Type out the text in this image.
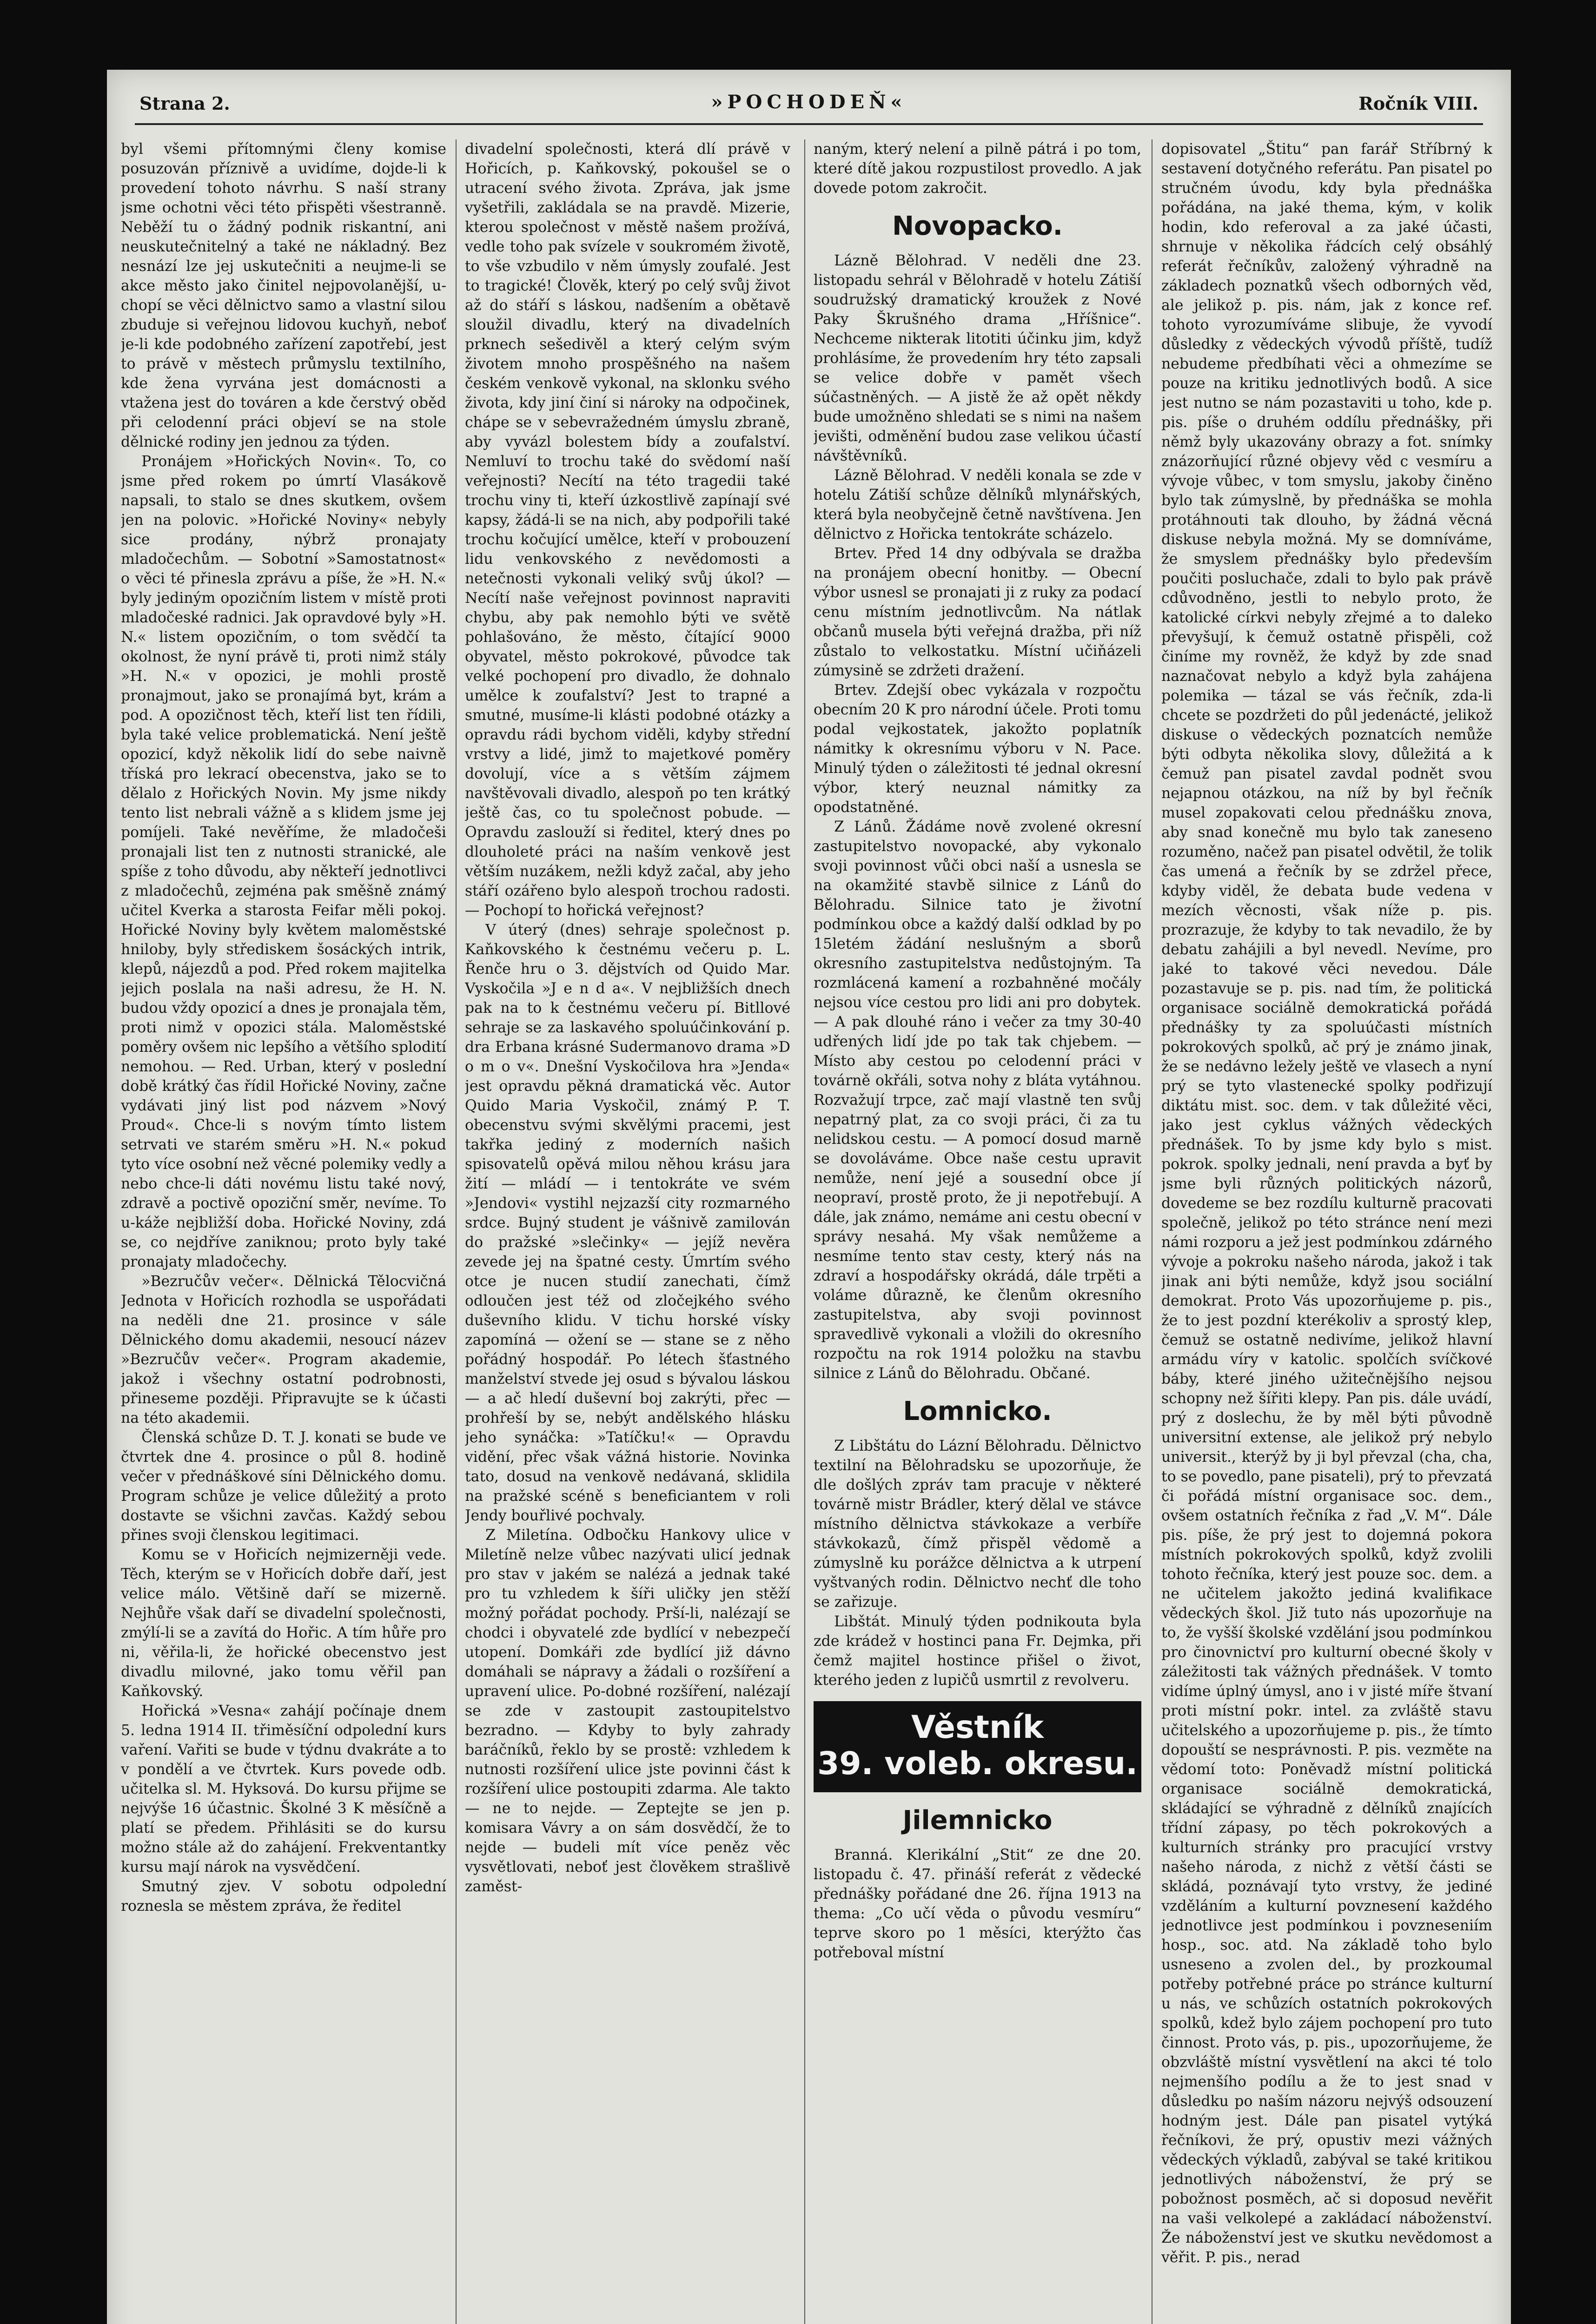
Strana 2.	»POCHODEŇ«	Ročník VIII.

byl všemi přítomnými členy komise posuzován příznivě a uvidíme, dojde-li k provedení tohoto návrhu. S naší strany jsme ochotni věci této přispěti všestranně. Neběží tu o žádný podnik riskantní, ani neuskutečnitelný a také ne nákladný. Bez nesnází lze jej uskutečniti a neujme-li se akce město jako činitel nejpovolanější, u-chopí se věci dělnictvo samo a vlastní silou zbuduje si veřejnou lidovou kuchyň, neboť je-li kde podobného zařízení zapotřebí, jest to právě v městech průmyslu textilního, kde žena vyrvána jest domácnosti a vtažena jest do továren a kde čerstvý oběd při celodenní práci objeví se na stole dělnické rodiny jen jednou za týden.

Pronájem »Hořických Novin«. To, co jsme před rokem po úmrtí Vlasákově napsali, to stalo se dnes skutkem, ovšem jen na polovic. »Hořické Noviny« nebyly sice prodány, nýbrž pronajaty mladočechům. — Sobotní »Samostatnost« o věci té přinesla zprávu a píše, že »H. N.« byly jediným opozičním listem v místě proti mladočeské radnici. Jak opravdové byly »H. N.« listem opozičním, o tom svědčí ta okolnost, že nyní právě ti, proti nimž stály »H. N.« v opozici, je mohli prostě pronajmout, jako se pronajímá byt, krám a pod. A opozičnost těch, kteří list ten řídili, byla také velice problematická. Není ještě opozicí, když několik lidí do sebe naivně tříská pro lekrací obecenstva, jako se to dělalo z Hořických Novin. My jsme nikdy tento list nebrali vážně a s klidem jsme jej pomíjeli. Také nevěříme, že mladočeši pronajali list ten z nutnosti stranické, ale spíše z toho důvodu, aby někteří jednotlivci z mladočechů, zejména pak směšně známý učitel Kverka a starosta Feifar měli pokoj. Hořické Noviny byly květem maloměstské hniloby, byly střediskem šosáckých intrik, klepů, nájezdů a pod. Před rokem majitelka jejich poslala na naši adresu, že H. N. budou vždy opozicí a dnes je pronajala těm, proti nimž v opozici stála. Maloměstské poměry ovšem nic lepšího a většího splodití nemohou. — Red. Urban, který v poslední době krátký čas řídil Hořické Noviny, začne vydávati jiný list pod názvem »Nový Proud«. Chce-li s novým tímto listem setrvati ve starém směru »H. N.« pokud tyto více osobní než věcné polemiky vedly a nebo chce-li dáti novému listu také nový, zdravě a poctivě opoziční směr, nevíme. To u-káže nejbližší doba. Hořické Noviny, zdá se, co nejdříve zaniknou; proto byly také pronajaty mladočechy.

»Bezručův večer«. Dělnická Tělocvičná Jednota v Hořicích rozhodla se uspořádati na neděli dne 21. prosince v sále Dělnického domu akademii, nesoucí název »Bezručův večer«. Program akademie, jakož i všechny ostatní podrobnosti, přineseme později. Připravujte se k účasti na této akademii.

Členská schůze D. T. J. konati se bude ve čtvrtek dne 4. prosince o půl 8. hodině večer v přednáškové síni Dělnického domu. Program schůze je velice důležitý a proto dostavte se všichni zavčas. Každý sebou přines svoji členskou legitimaci.

Komu se v Hořicích nejmizerněji vede. Těch, kterým se v Hořicích dobře daří, jest velice málo. Většině daří se mizerně. Nejhůře však daří se divadelní společnosti, zmýlí-li se a zavítá do Hořic. A tím hůře pro ni, věřila-li, že hořické obecenstvo jest divadlu milovné, jako tomu věřil pan Kaňkovský.

Hořická »Vesna« zahájí počínaje dnem 5. ledna 1914 II. třiměsíční odpolední kurs vaření. Vařiti se bude v týdnu dvakráte a to v pondělí a ve čtvrtek. Kurs povede odb. učitelka sl. M. Hyksová. Do kursu přijme se nejvýše 16 účastnic. Školné 3 K měsíčně a platí se předem. Přihlásiti se do kursu možno stále až do zahájení. Frekventantky kursu mají nárok na vysvědčení.

Smutný zjev. V sobotu odpolední roznesla se městem zpráva, že ředitel

divadelní společnosti, která dlí právě v Hořicích, p. Kaňkovský, pokoušel se o utracení svého života. Zpráva, jak jsme vyšetřili, zakládala se na pravdě. Mizerie, kterou společnost v městě našem prožívá, vedle toho pak svízele v soukromém životě, to vše vzbudilo v něm úmysly zoufalé. Jest to tragické! Člověk, který po celý svůj život až do stáří s láskou, nadšením a obětavě sloužil divadlu, který na divadelních prknech sešedivěl a který celým svým životem mnoho prospěšného na našem českém venkově vykonal, na sklonku svého života, kdy jiní činí si nároky na odpočinek, chápe se v sebevražedném úmyslu zbraně, aby vyvázl bolestem bídy a zoufalství. Nemluví to trochu také do svědomí naší veřejnosti? Necítí na této tragedii také trochu viny ti, kteří úzkostlivě zapínají své kapsy, žádá-li se na nich, aby podpořili také trochu kočující umělce, kteří v probouzení lidu venkovského z nevědomosti a netečnosti vykonali veliký svůj úkol? — Necítí naše veřejnost povinnost napraviti chybu, aby pak nemohlo býti ve světě pohlašováno, že město, čítající 9000 obyvatel, město pokrokové, původce tak velké pochopení pro divadlo, že dohnalo umělce k zoufalství? Jest to trapné a smutné, musíme-li klásti podobné otázky a opravdu rádi bychom viděli, kdyby střední vrstvy a lidé, jimž to majetkové poměry dovolují, více a s větším zájmem navštěvovali divadlo, alespoň po ten krátký ještě čas, co tu společnost pobude. — Opravdu zaslouží si ředitel, který dnes po dlouholeté práci na naším venkově jest větším nuzákem, nežli když začal, aby jeho stáří ozářeno bylo alespoň trochou radosti. — Pochopí to hořická veřejnost?

V úterý (dnes) sehraje společnost p. Kaňkovského k čestnému večeru p. L. Řenče hru o 3. dějstvích od Quido Mar. Vyskočila »J e n d a«. V nejbližších dnech pak na to k čestnému večeru pí. Bitllové sehraje se za laskavého spoluúčinkování p. dra Erbana krásné Sudermanovo drama »D o m o v«. Dnešní Vyskočilova hra »Jenda« jest opravdu pěkná dramatická věc. Autor Quido Maria Vyskočil, známý P. T. obecenstvu svými skvělými pracemi, jest takřka jediný z moderních našich spisovatelů opěvá milou něhou krásu jara žití — mládí — i tentokráte ve svém »Jendovi« vystihl nejzazší city rozmarného srdce. Bujný student je vášnivě zamilován do pražské »slečinky« — jejíž nevěra zevede jej na špatné cesty. Úmrtím svého otce je nucen studií zanechati, čímž odloučen jest též od zločejkého svého duševního klidu. V tichu horské vísky zapomíná — ožení se — stane se z něho pořádný hospodář. Po létech šťastného manželství stvede jej osud s bývalou láskou — a ač hledí duševní boj zakrýti, přec — prohřeší by se, nebýt andělského hlásku jeho synáčka: »Tatíčku!« — Opravdu vidění, přec však vážná historie. Novinka tato, dosud na venkově nedávaná, sklidila na pražské scéně s beneficiantem v roli Jendy bouřlivé pochvaly.

Z Miletína. Odbočku Hankovy ulice v Miletíně nelze vůbec nazývati ulicí jednak pro stav v jakém se nalézá a jednak také pro tu vzhledem k šíři uličky jen stěží možný pořádat pochody. Prší-li, nalézají se chodci i obyvatelé zde bydlící v nebezpečí utopení. Domkáři zde bydlící již dávno domáhali se nápravy a žádali o rozšíření a upravení ulice. Po-dobné rozšíření, nalézají se zde v zastoupit zastoupitelstvo bezradno. — Kdyby to byly zahrady baráčníků, řeklo by se prostě: vzhledem k nutnosti rozšíření ulice jste povinni část k rozšíření ulice postoupiti zdarma. Ale takto — ne to nejde. — Zeptejte se jen p. komisara Vávry a on sám dosvědčí, že to nejde — budeli mít více peněz věc vysvětlovati, neboť jest člověkem strašlivě zaměst-

naným, který nelení a pilně pátrá i po tom, které dítě jakou rozpustilost provedlo. A jak dovede potom zakročit.

Novopacko.

Lázně Bělohrad. V neděli dne 23. listopadu sehrál v Bělohradě v hotelu Zátiší soudružský dramatický kroužek z Nové Paky Škrušného drama „Hříšnice“. Nechceme nikterak litotiti účinku jim, když prohlásíme, že provedením hry této zapsali se velice dobře v pamět všech súčastněných. — A jistě že až opět někdy bude umožněno shledati se s nimi na našem jevišti, odměnění budou zase velikou účastí návštěvníků.

Lázně Bělohrad. V neděli konala se zde v hotelu Zátiší schůze dělníků mlynářských, která byla neobyčejně četně navštívena. Jen dělnictvo z Hořicka tentokráte scházelo.

Brtev. Před 14 dny odbývala se dražba na pronájem obecní honitby. — Obecní výbor usnesl se pronajati ji z ruky za podací cenu místním jednotlivcům. Na nátlak občanů musela býti veřejná dražba, při níž zůstalo to velkostatku. Místní učiňázeli zúmysině se zdržeti dražení.

Brtev. Zdejší obec vykázala v rozpočtu obecním 20 K pro národní účele. Proti tomu podal vejkostatek, jakožto poplatník námitky k okresnímu výboru v N. Pace. Minulý týden o záležitosti té jednal okresní výbor, který neuznal námitky za opodstatněné.

Z Lánů. Žádáme nově zvolené okresní zastupitelstvo novopacké, aby vykonalo svoji povinnost vůči obci naší a usnesla se na okamžité stavbě silnice z Lánů do Bělohradu. Silnice tato je životní podmínkou obce a každý další odklad by po 15letém žádání neslušným a sborů okresního zastupitelstva nedůstojným. Ta rozmlácená kamení a rozbahněné močály nejsou více cestou pro lidi ani pro dobytek. — A pak dlouhé ráno i večer za tmy 30-40 udřených lidí jde po tak tak chjebem. — Místo aby cestou po celodenní práci v továrně okřáli, sotva nohy z bláta vytáhnou. Rozvažují trpce, zač mají vlastně ten svůj nepatrný plat, za co svoji práci, či za tu nelidskou cestu. — A pomocí dosud marně se dovoláváme. Obce naše cestu upravit nemůže, není jejé a sousední obce jí neopraví, prostě proto, že ji nepotřebují. A dále, jak známo, nemáme ani cestu obecní v správy nesahá. My však nemůžeme a nesmíme tento stav cesty, který nás na zdraví a hospodářsky okrádá, dále trpěti a voláme důrazně, ke členům okresního zastupitelstva, aby svoji povinnost spravedlivě vykonali a vložili do okresního rozpočtu na rok 1914 položku na stavbu silnice z Lánů do Bělohradu. Občané.

Lomnicko.

Z Libštátu do Lázní Bělohradu. Dělnictvo textilní na Bělohradsku se upozorňuje, že dle došlých zpráv tam pracuje v některé továrně mistr Brádler, který dělal ve stávce místního dělnictva stávkokaze a verbíře stávkokazů, čímž přispěl vědomě a zúmyslně ku porážce dělnictva a k utrpení vyštvaných rodin. Dělnictvo nechť dle toho se zařizuje.

Libštát. Minulý týden podnikouta byla zde krádež v hostinci pana Fr. Dejmka, při čemž majitel hostince přišel o život, kterého jeden z lupičů usmrtil z revolveru.

Věstník
39. voleb. okresu.
Jilemnicko

Branná. Klerikální „Stit“ ze dne 20. listopadu č. 47. přináší referát z vědecké přednášky pořádané dne 26. října 1913 na thema: „Co učí věda o původu vesmíru“ teprve skoro po 1 měsíci, kterýžto čas potřeboval místní

dopisovatel „Štitu“ pan farář Stříbrný k sestavení dotyčného referátu. Pan pisatel po stručném úvodu, kdy byla přednáška pořádána, na jaké thema, kým, v kolik hodin, kdo referoval a za jaké účasti, shrnuje v několika řádcích celý obsáhlý referát řečníkův, založený výhradně na základech poznatků všech odborných věd, ale jelikož p. pis. nám, jak z konce ref. tohoto vyrozumíváme slibuje, že vyvodí důsledky z vědeckých vývodů příště, tudíž nebudeme předbíhati věci a ohmezíme se pouze na kritiku jednotlivých bodů. A sice jest nutno se nám pozastaviti u toho, kde p. pis. píše o druhém oddílu přednášky, při němž byly ukazovány obrazy a fot. snímky znázorňující různé objevy věd c vesmíru a vývoje vůbec, v tom smyslu, jakoby činěno bylo tak zúmyslně, by přednáška se mohla protáhnouti tak dlouho, by žádná věcná diskuse nebyla možná. My se domníváme, že smyslem přednášky bylo především poučiti posluchače, zdali to bylo pak právě cdůvodněno, jestli to nebylo proto, že katolické církvi nebyly zřejmé a to daleko převyšují, k čemuž ostatně přispěli, což činíme my rovněž, že když by zde snad naznačovat nebylo a když byla zahájena polemika — tázal se vás řečník, zda-li chcete se pozdržeti do půl jedenácté, jelikož diskuse o vědeckých poznatcích nemůže býti odbyta několika slovy, důležitá a k čemuž pan pisatel zavdal podnět svou nejapnou otázkou, na níž by byl řečník musel zopakovati celou přednášku znova, aby snad konečně mu bylo tak zaneseno rozuměno, načež pan pisatel odvětil, že tolik čas umená a řečník by se zdržel přece, kdyby viděl, že debata bude vedena v mezích věcnosti, však níže p. pis. prozrazuje, že kdyby to tak nevadilo, že by debatu zahájili a byl nevedl. Nevíme, pro jaké to takové věci nevedou. Dále pozastavuje se p. pis. nad tím, že politická organisace sociálně demokratická pořádá přednášky ty za spoluúčasti místních pokrokových spolků, ač prý je známo jinak, že se nedávno ležely ještě ve vlasech a nyní prý se tyto vlastenecké spolky podřizují diktátu mist. soc. dem. v tak důležité věci, jako jest cyklus vážných vědeckých přednášek. To by jsme kdy bylo s mist. pokrok. spolky jednali, není pravda a byť by jsme byli různých politických názorů, dovedeme se bez rozdílu kulturně pracovati společně, jelikož po této stránce není mezi námi rozporu a jež jest podmínkou zdárného vývoje a pokroku našeho národa, jakož i tak jinak ani býti nemůže, když jsou sociální demokrat. Proto Vás upozorňujeme p. pis., že to jest pozdní kterékoliv a sprostý klep, čemuž se ostatně nedivíme, jelikož hlavní armádu víry v katolic. spolčích svíčkové báby, které jiného užitečnějšího nejsou schopny než šířiti klepy. Pan pis. dále uvádí, prý z doslechu, že by měl býti původně universitní extense, ale jelikož prý nebylo universit., kterýž by ji byl převzal (cha, cha, to se povedlo, pane pisateli), prý to převzatá či pořádá místní organisace soc. dem., ovšem ostatních řečníka z řad „V. M“. Dále pis. píše, že prý jest to dojemná pokora místních pokrokových spolků, když zvolili tohoto řečníka, který jest pouze soc. dem. a ne učitelem jakožto jediná kvalifikace vědeckých škol. Již tuto nás upozorňuje na to, že vyšší školské vzdělání jsou podmínkou pro činovnictví pro kulturní obecné školy v záležitosti tak vážných přednášek. V tomto vidíme úplný úmysl, ano i v jisté míře štvaní proti místní pokr. intel. za zvláště stavu učitelského a upozorňujeme p. pis., že tímto dopouští se nesprávnosti. P. pis. vezměte na vědomí toto: Poněvadž místní politická organisace sociálně demokratická, skládající se výhradně z dělníků znajících třídní zápasy, po těch pokrokových a kulturních stránky pro pracující vrstvy našeho národa, z nichž z větší části se skládá, poznávají tyto vrstvy, že jediné vzděláním a kulturní povznesení každého jednotlivce jest podmínkou i povzneseniím hosp., soc. atd. Na základě toho bylo usneseno a zvolen del., by prozkoumal potřeby potřebné práce po stránce kulturní u nás, ve schůzích ostatních pokrokových spolků, kdež bylo zájem pochopení pro tuto činnost. Proto vás, p. pis., upozorňujeme, že obzvláště místní vysvětlení na akci té tolo nejmenšího podílu a že to jest snad v důsledku po naším názoru nejvýš odsouzení hodným jest. Dále pan pisatel vytýká řečníkovi, že prý, opustiv mezi vážných vědeckých výkladů, zabýval se také kritikou jednotlivých náboženství, že prý se pobožnost posměch, ač si doposud nevěřit na vaši velkolepé a zakládací náboženství. Že náboženství jest ve skutku nevědomost a věřit. P. pis., nerad
